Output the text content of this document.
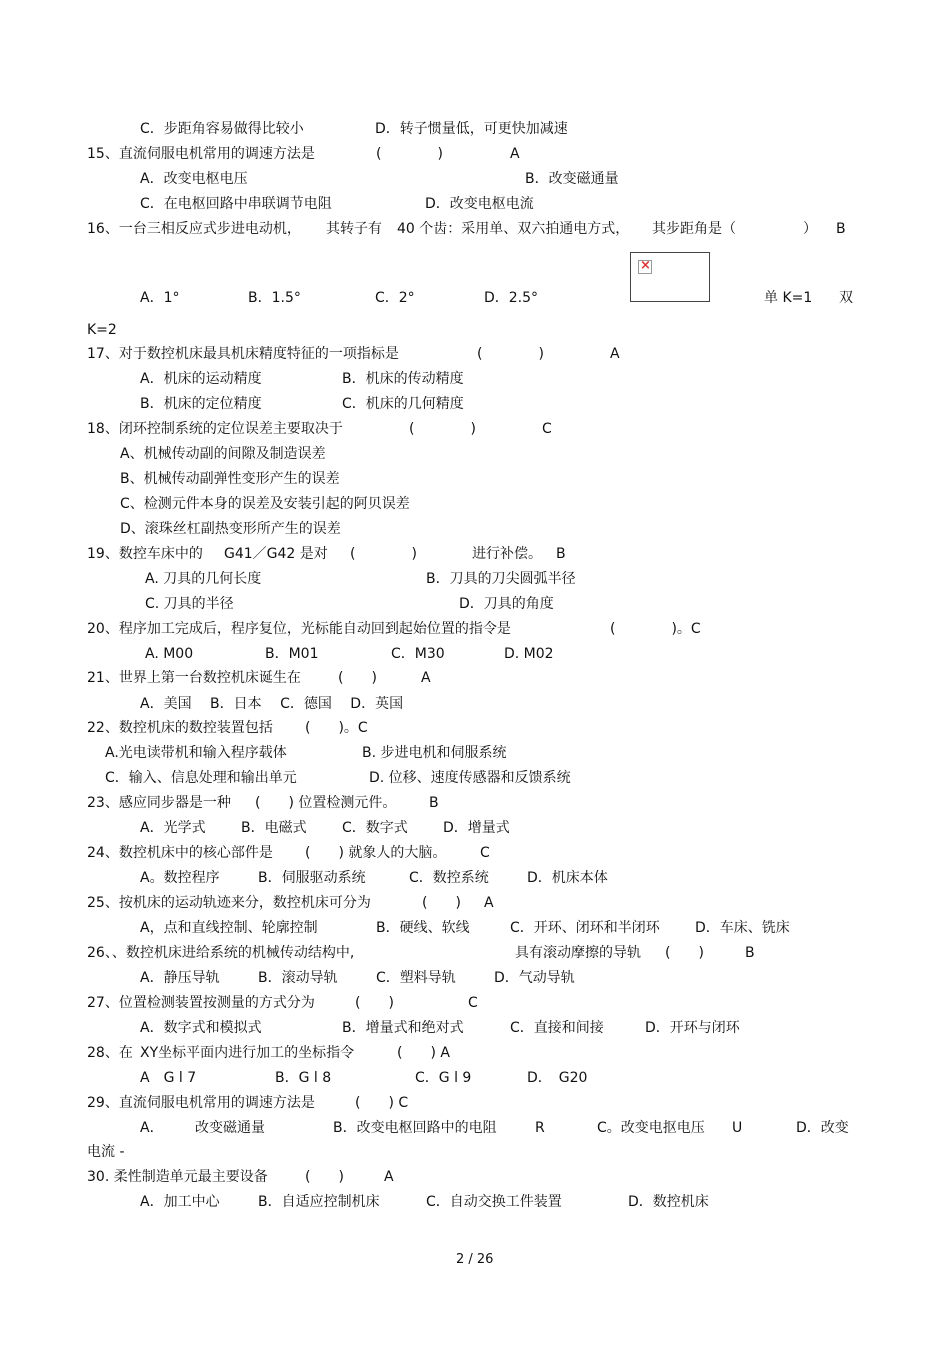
C．步距角容易做得比较小	D．转子惯量低，可更快加减速
15、直流伺服电机常用的调速方法是	(　　　　)	A
A．改变电枢电压	B．改变磁通量
C．在电枢回路中串联调节电阻	D．改变电枢电流
16、一台三相反应式步进电动机， 其转子有 40 个齿：采用单、双六拍通电方式， 其步距角是（	） B
A．1°	B．1.5°	C．2°	D．2.5°
×	单 K=1 双
K=2
17、对于数控机床最具机床精度特征的一项指标是	(　　　　)	A
A．机床的运动精度	B．机床的传动精度
B．机床的定位精度	C．机床的几何精度
18、闭环控制系统的定位误差主要取决于	(　　　　)	C
A、机械传动副的间隙及制造误差
B、机械传动副弹性变形产生的误差
C、检测元件本身的误差及安装引起的阿贝误差
D、滚珠丝杠副热变形所产生的误差
19、数控车床中的 G41／G42 是对 (　　　　)	进行补偿。 B
A. 刀具的几何长度	B．刀具的刀尖圆弧半径
C. 刀具的半径	D．刀具的角度
20、程序加工完成后，程序复位，光标能自动回到起始位置的指令是	(　　　　)。C
A. M00	B．M01	C．M30	D. M02
21、世界上第一台数控机床诞生在	(　　)	A
A．美国　 B．日本　 C．德国　 D．英国
22、数控机床的数控装置包括 (　　)。C
A.光电读带机和输入程序载体	B. 步进电机和伺服系统
C．输入、信息处理和输出单元	D. 位移、速度传感器和反馈系统
23、感应同步器是一种 (　　) 位置检测元件。 B
A．光学式	B．电磁式	C．数字式	D．增量式
24、数控机床中的核心部件是 (　　) 就象人的大脑。 C
A。数控程序	B．伺服驱动系统	C．数控系统	D．机床本体
25、按机床的运动轨迹来分，数控机床可分为	(　　) A
A，点和直线控制、轮廓控制	B．硬线、软线	C．开环、闭环和半闭环	D．车床、铣床
26、、数控机床进给系统的机械传动结构中,	具有滚动摩擦的导轨 (　　)	B
A．静压导轨	B．滚动导轨	C．塑料导轨	D．气动导轨
27、位置检测装置按测量的方式分为	(　　)	C
A．数字式和模拟式	B．增量式和绝对式	C．直接和间接	D．开环与闭环
28、在 XY坐标平面内进行加工的坐标指令	(　　) A
A　G l 7	B．G l 8	C．G l 9	D．　G20
29、直流伺服电机常用的调速方法是	(　　) C
A． 改变磁通量	B．改变电枢回路中的电阻	R	C。改变电抠电压 U	D．改变
电流 -
30. 柔性制造单元最主要设备	(　　)	A
A．加工中心	B．自适应控制机床	C．自动交换工件装置	D．数控机床
2 / 26
